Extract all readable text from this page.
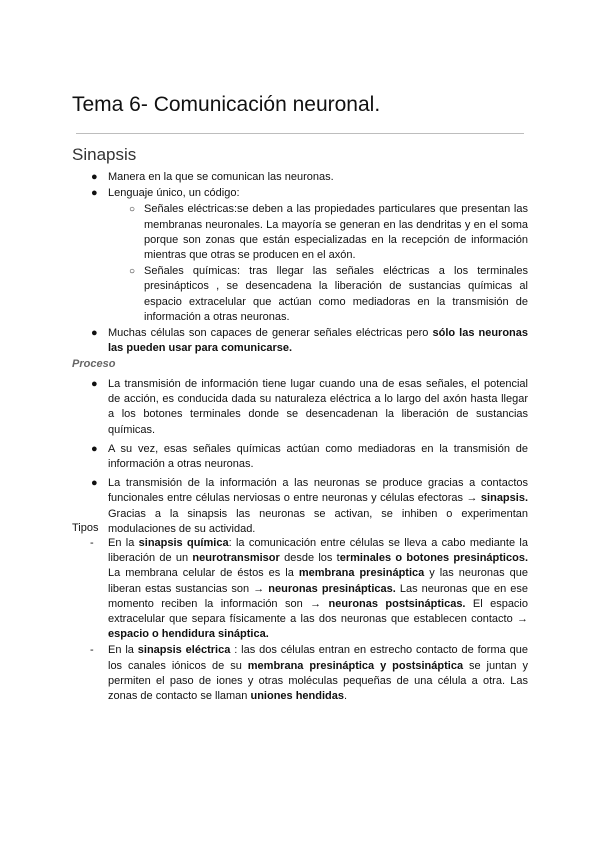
Tema 6- Comunicación neuronal.
Sinapsis
● Manera en la que se comunican las neuronas.
● Lenguaje único, un código:
○ Señales eléctricas:se deben a las propiedades particulares que presentan las membranas neuronales. La mayoría se generan en las dendritas y en el soma porque son zonas que están especializadas en la recepción de información mientras que otras se producen en el axón.
○ Señales químicas: tras llegar las señales eléctricas a los terminales presinápticos , se desencadena la liberación de sustancias químicas al espacio extracelular que actúan como mediadoras en la transmisión de información a otras neuronas.
● Muchas células son capaces de generar señales eléctricas pero sólo las neuronas las pueden usar para comunicarse.
Proceso
● La transmisión de información tiene lugar cuando una de esas señales, el potencial de acción, es conducida dada su naturaleza eléctrica a lo largo del axón hasta llegar a los botones terminales donde se desencadenan la liberación de sustancias químicas.
● A su vez, esas señales químicas actúan como mediadoras en la transmisión de información a otras neuronas.
● La transmisión de la información a las neuronas se produce gracias a contactos funcionales entre células nerviosas o entre neuronas y células efectoras → sinapsis. Gracias a la sinapsis las neuronas se activan, se inhiben o experimentan modulaciones de su actividad.
Tipos
- En la sinapsis química: la comunicación entre células se lleva a cabo mediante la liberación de un neurotransmisor desde los terminales o botones presinápticos. La membrana celular de éstos es la membrana presináptica y las neuronas que liberan estas sustancias son → neuronas presinápticas. Las neuronas que en ese momento reciben la información son → neuronas postsinápticas. El espacio extracelular que separa físicamente a las dos neuronas que establecen contacto → espacio o hendidura sináptica.
- En la sinapsis eléctrica : las dos células entran en estrecho contacto de forma que los canales iónicos de su membrana presináptica y postsináptica se juntan y permiten el paso de iones y otras moléculas pequeñas de una célula a otra. Las zonas de contacto se llaman uniones hendidas.
